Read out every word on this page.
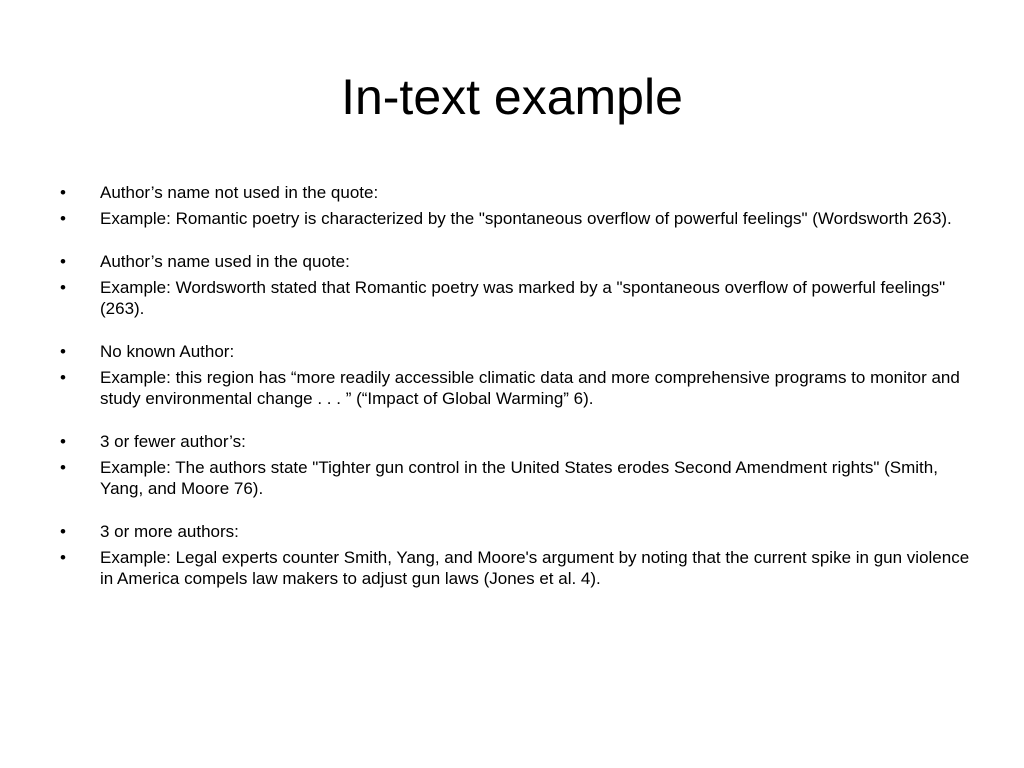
In-text example
•	Author’s name not used in the quote:
•	Example: Romantic poetry is characterized by the "spontaneous overflow of powerful feelings" (Wordsworth 263).
•	Author’s name used in the quote:
•	Example: Wordsworth stated that Romantic poetry was marked by a "spontaneous overflow of powerful feelings" (263).
•	No known Author:
•	Example: this region has “more readily accessible climatic data and more comprehensive programs to monitor and study environmental change . . . ” (“Impact of Global Warming” 6).
•	3 or fewer author’s:
•	Example: The authors state "Tighter gun control in the United States erodes Second Amendment rights" (Smith, Yang, and Moore 76).
•	3 or more authors:
•	Example: Legal experts counter Smith, Yang, and Moore's argument by noting that the current spike in gun violence in America compels law makers to adjust gun laws (Jones et al. 4).
